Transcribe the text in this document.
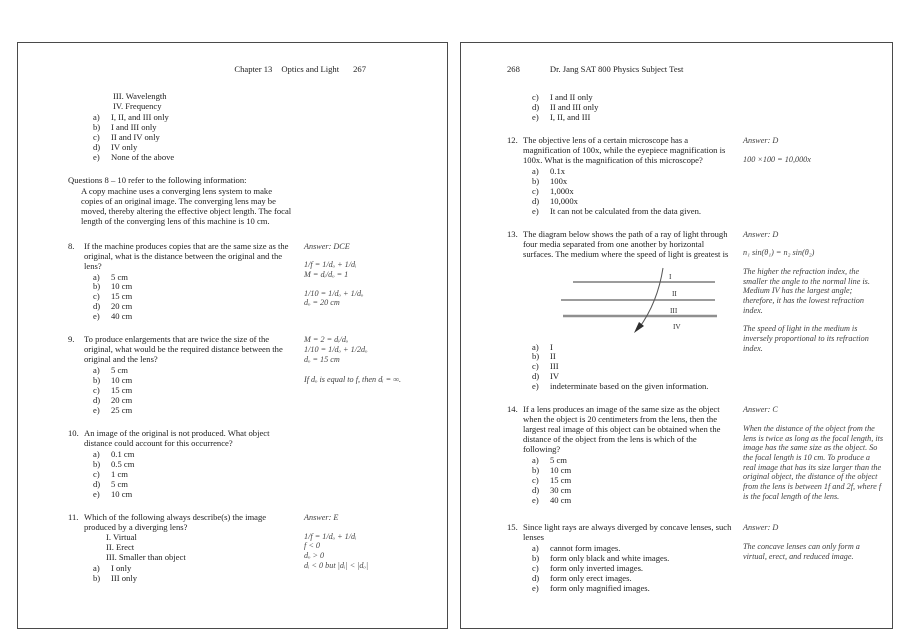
Chapter 13 Optics and Light 267
III. Wavelength
IV. Frequency
a)	I, II, and III only
b)	I and III only
c)	II and IV only
d)	IV only
e)	None of the above
Questions 8 – 10 refer to the following information:
A copy machine uses a converging lens system to make copies of an original image. The converging lens may be moved, thereby altering the effective object length. The focal length of the converging lens of this machine is 10 cm.
8.	If the machine produces copies that are the same size as the original, what is the distance between the original and the lens?
a)	5 cm
b)	10 cm
c)	15 cm
d)	20 cm
e)	40 cm
Answer: DCE
1/f = 1/dₒ + 1/dᵢ
M = dᵢ/dₒ = 1
1/10 = 1/dₒ + 1/dₒ
dₒ = 20 cm
9.	To produce enlargements that are twice the size of the original, what would be the required distance between the original and the lens?
a)	5 cm
b)	10 cm
c)	15 cm
d)	20 cm
e)	25 cm
M = 2 = dᵢ/dₒ
1/10 = 1/dₒ + 1/2dₒ
dₒ = 15 cm
If dₒ is equal to f, then dᵢ = ∞.
10. An image of the original is not produced. What object distance could account for this occurrence?
a)	0.1 cm
b)	0.5 cm
c)	1 cm
d)	5 cm
e)	10 cm
11. Which of the following always describe(s) the image produced by a diverging lens?
I. Virtual
II. Erect
III. Smaller than object
a)	I only
b)	III only
Answer: E
1/f = 1/dₒ + 1/dᵢ
f < 0
dₒ > 0
dᵢ < 0 but |dᵢ| < |dₒ|
268	Dr. Jang SAT 800 Physics Subject Test
c)	I and II only
d)	II and III only
e)	I, II, and III
12. The objective lens of a certain microscope has a magnification of 100x, while the eyepiece magnification is 100x. What is the magnification of this microscope?
a)	0.1x
b)	100x
c)	1,000x
d)	10,000x
e)	It can not be calculated from the data given.
Answer: D
100 ×100 = 10,000x
13. The diagram below shows the path of a ray of light through four media separated from one another by horizontal surfaces. The medium where the speed of light is greatest is
I
II
III
IV
a)	I
b)	II
c)	III
d)	IV
e)	indeterminate based on the given information.
Answer: D
n₁ sin(θ₁) = n₂ sin(θ₂)
The higher the refraction index, the smaller the angle to the normal line is. Medium IV has the largest angle; therefore, it has the lowest refraction index.
The speed of light in the medium is inversely proportional to its refraction index.
14. If a lens produces an image of the same size as the object when the object is 20 centimeters from the lens, then the largest real image of this object can be obtained when the distance of the object from the lens is which of the following?
a)	5 cm
b)	10 cm
c)	15 cm
d)	30 cm
e)	40 cm
Answer: C
When the distance of the object from the lens is twice as long as the focal length, its image has the same size as the object. So the focal length is 10 cm. To produce a real image that has its size larger than the original object, the distance of the object from the lens is between 1f and 2f, where f is the focal length of the lens.
15. Since light rays are always diverged by concave lenses, such lenses
a)	cannot form images.
b)	form only black and white images.
c)	form only inverted images.
d)	form only erect images.
e)	form only magnified images.
Answer: D
The concave lenses can only form a virtual, erect, and reduced image.
